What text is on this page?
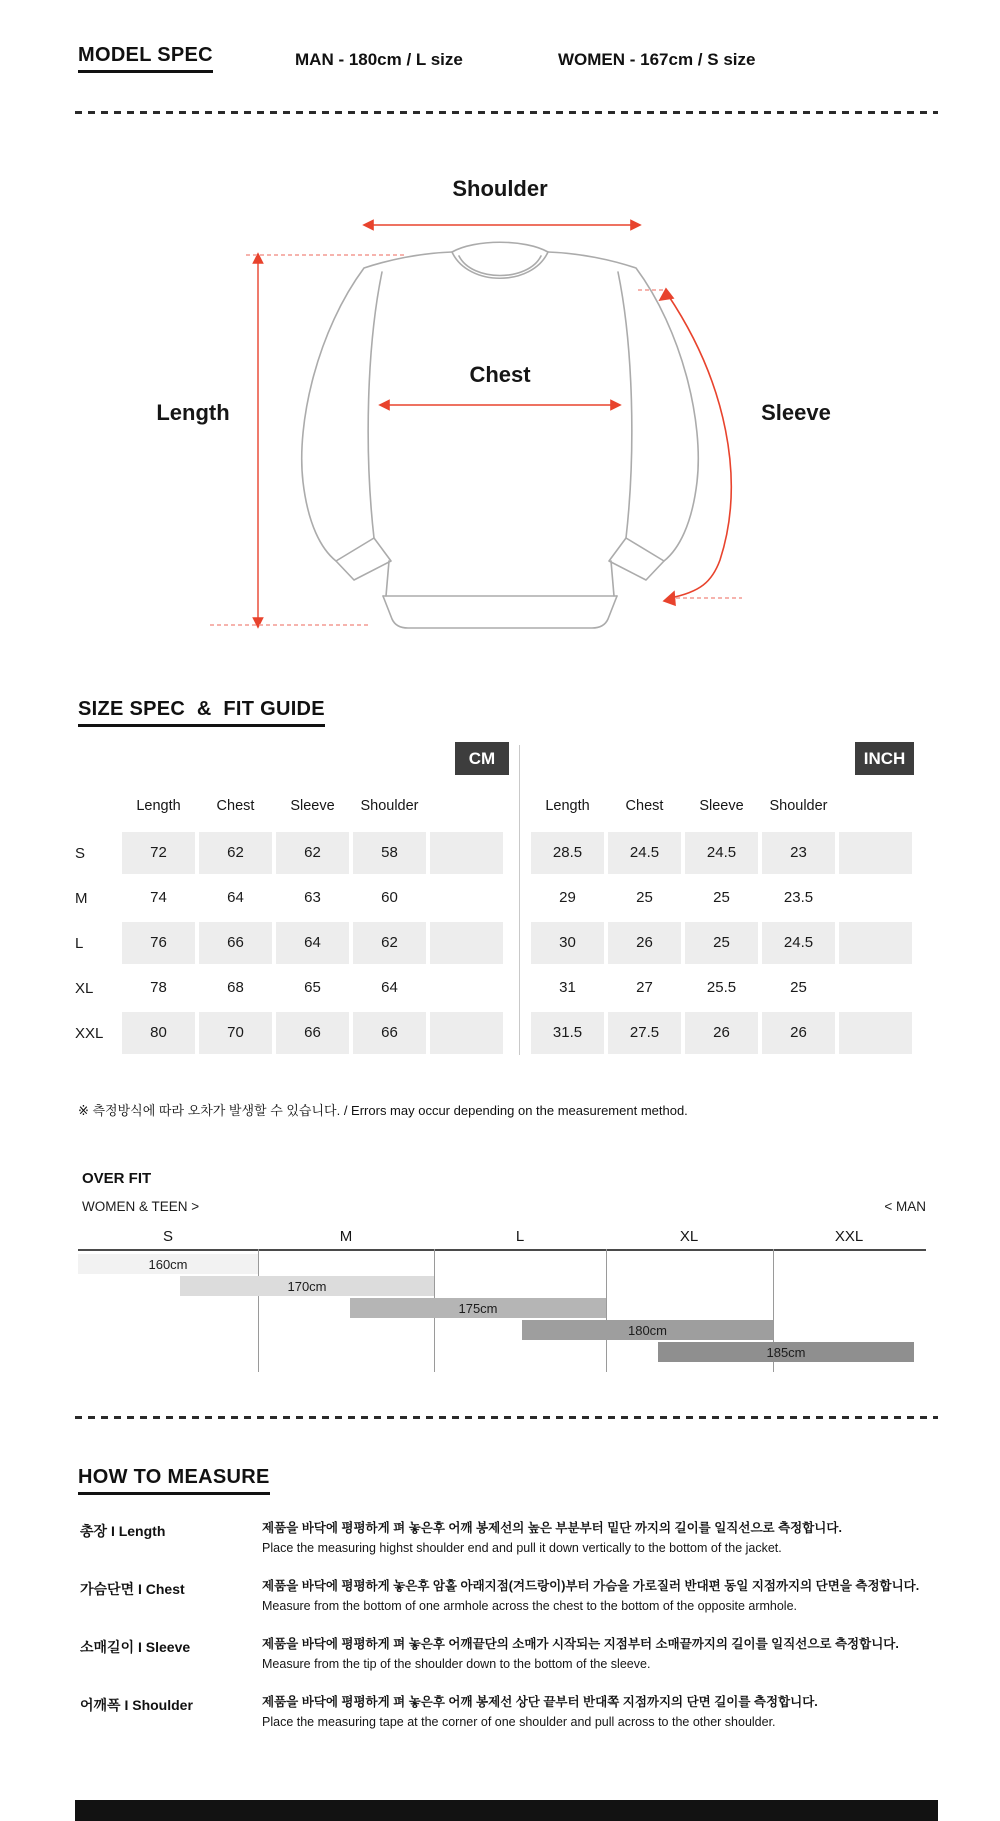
MODEL SPEC	MAN - 180cm / L size	WOMEN - 167cm / S size
Shoulder
Chest
Length	Sleeve
SIZE SPEC  &  FIT GUIDE
CM	INCH
Length	Chest	Sleeve	Shoulder
S	72	62	62	58
M	74	64	63	60
L	76	66	64	62
XL	78	68	65	64
XXL	80	70	66	66
Length	Chest	Sleeve	Shoulder
28.5	24.5	24.5	23
29	25	25	23.5
30	26	25	24.5
31	27	25.5	25
31.5	27.5	26	26
※ 측정방식에 따라 오차가 발생할 수 있습니다. / Errors may occur depending on the measurement method.
OVER FIT
WOMEN & TEEN >	< MAN
S	M	L	XL	XXL
160cm
170cm
175cm
180cm
185cm
HOW TO MEASURE
총장 I Length	제품을 바닥에 평평하게 펴 놓은후 어깨 봉제선의 높은 부분부터 밑단 까지의 길이를 일직선으로 측정합니다.
Place the measuring highst shoulder end and pull it down vertically to the bottom of the jacket.
가슴단면 I Chest	제품을 바닥에 평평하게 놓은후 암홀 아래지점(겨드랑이)부터 가슴을 가로질러 반대편 동일 지점까지의 단면을 측정합니다.
Measure from the bottom of one armhole across the chest to the bottom of the opposite armhole.
소매길이 I Sleeve	제품을 바닥에 평평하게 펴 놓은후 어깨끝단의 소매가 시작되는 지점부터 소매끝까지의 길이를 일직선으로 측정합니다.
Measure from the tip of the shoulder down to the bottom of the sleeve.
어깨폭 I Shoulder	제품을 바닥에 평평하게 펴 놓은후 어깨 봉제선 상단 끝부터 반대쪽 지점까지의 단면 길이를 측정합니다.
Place the measuring tape at the corner of one shoulder and pull across to the other shoulder.
